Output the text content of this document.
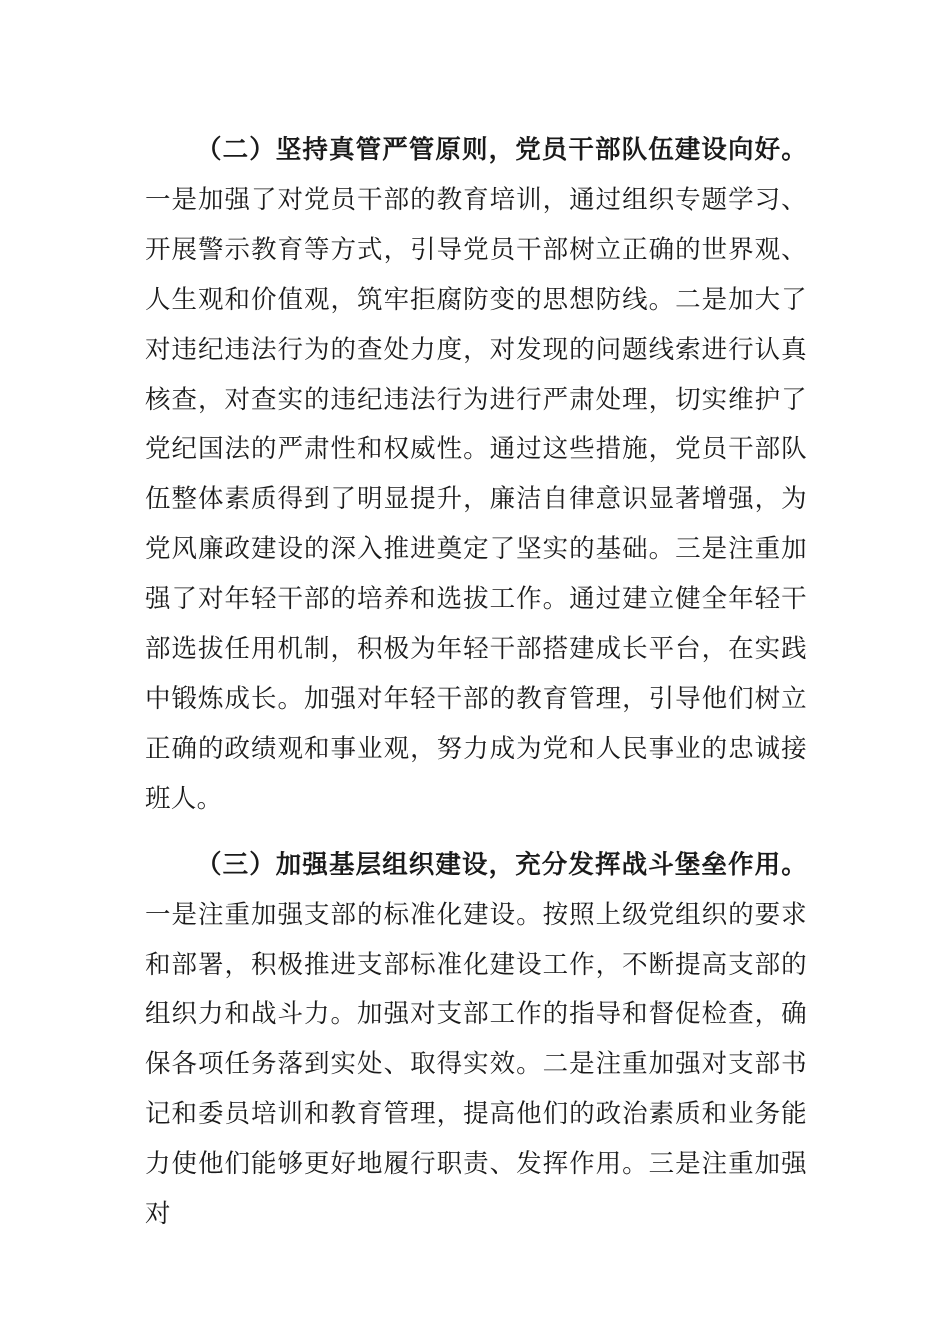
（二）坚持真管严管原则，党员干部队伍建设向好。一是加强了对党员干部的教育培训，通过组织专题学习、开展警示教育等方式，引导党员干部树立正确的世界观、人生观和价值观，筑牢拒腐防变的思想防线。二是加大了对违纪违法行为的查处力度，对发现的问题线索进行认真核查，对查实的违纪违法行为进行严肃处理，切实维护了党纪国法的严肃性和权威性。通过这些措施，党员干部队伍整体素质得到了明显提升，廉洁自律意识显著增强，为党风廉政建设的深入推进奠定了坚实的基础。三是注重加强了对年轻干部的培养和选拔工作。通过建立健全年轻干部选拔任用机制，积极为年轻干部搭建成长平台，在实践中锻炼成长。加强对年轻干部的教育管理，引导他们树立正确的政绩观和事业观，努力成为党和人民事业的忠诚接班人。

（三）加强基层组织建设，充分发挥战斗堡垒作用。一是注重加强支部的标准化建设。按照上级党组织的要求和部署，积极推进支部标准化建设工作，不断提高支部的组织力和战斗力。加强对支部工作的指导和督促检查，确保各项任务落到实处、取得实效。二是注重加强对支部书记和委员培训和教育管理，提高他们的政治素质和业务能力使他们能够更好地履行职责、发挥作用。三是注重加强对
